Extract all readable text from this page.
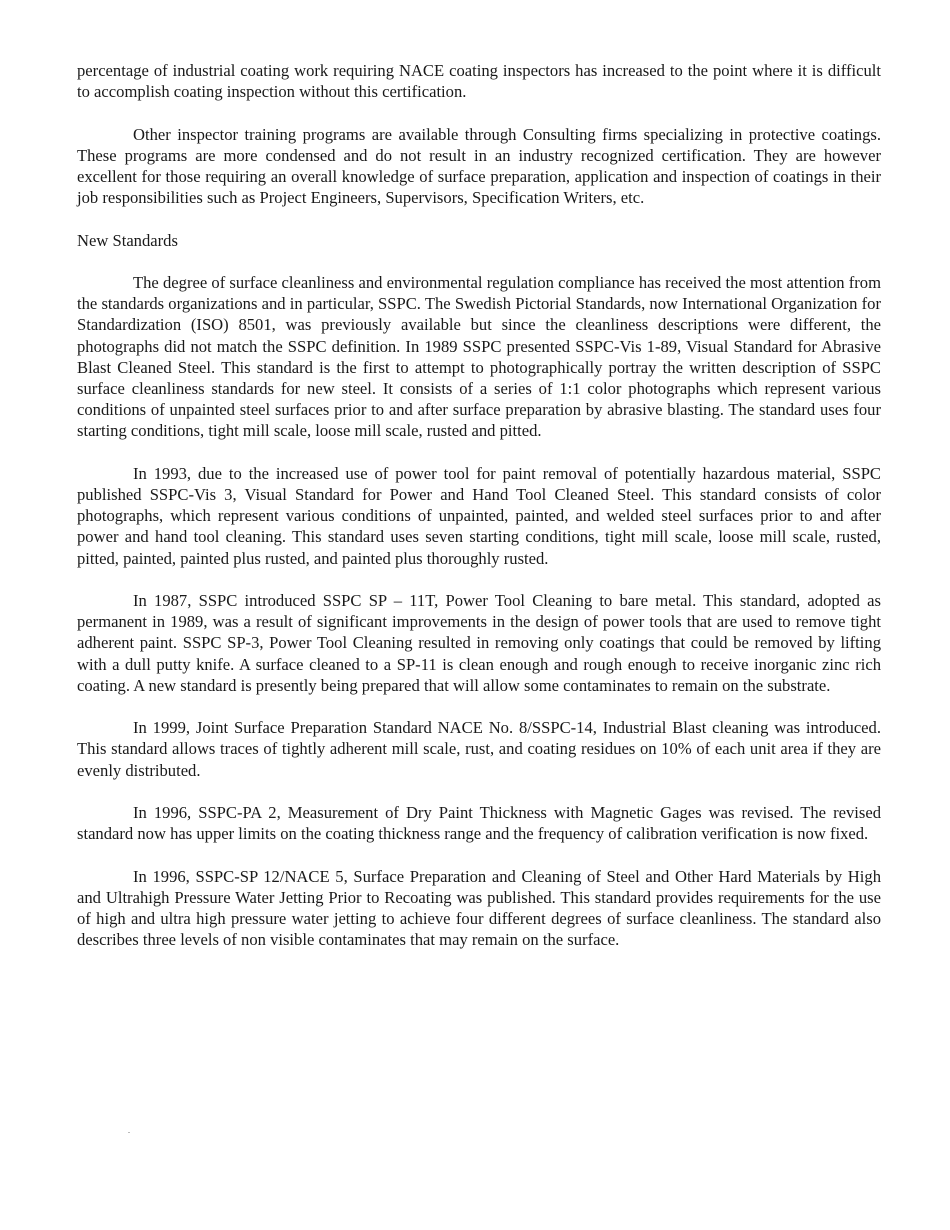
percentage of industrial coating work requiring NACE coating inspectors has increased to the point where it is difficult to accomplish coating inspection without this certification.

Other inspector training programs are available through Consulting firms specializing in protective coatings. These programs are more condensed and do not result in an industry recognized certification. They are however excellent for those requiring an overall knowledge of surface preparation, application and inspection of coatings in their job responsibilities such as Project Engineers, Supervisors, Specification Writers, etc.

New Standards

The degree of surface cleanliness and environmental regulation compliance has received the most attention from the standards organizations and in particular, SSPC. The Swedish Pictorial Standards, now International Organization for Standardization (ISO) 8501, was previously available but since the cleanliness descriptions were different, the photographs did not match the SSPC definition. In 1989 SSPC presented SSPC-Vis 1-89, Visual Standard for Abrasive Blast Cleaned Steel. This standard is the first to attempt to photographically portray the written description of SSPC surface cleanliness standards for new steel. It consists of a series of 1:1 color photographs which represent various conditions of unpainted steel surfaces prior to and after surface preparation by abrasive blasting. The standard uses four starting conditions, tight mill scale, loose mill scale, rusted and pitted.

In 1993, due to the increased use of power tool for paint removal of potentially hazardous material, SSPC published SSPC-Vis 3, Visual Standard for Power and Hand Tool Cleaned Steel. This standard consists of color photographs, which represent various conditions of unpainted, painted, and welded steel surfaces prior to and after power and hand tool cleaning. This standard uses seven starting conditions, tight mill scale, loose mill scale, rusted, pitted, painted, painted plus rusted, and painted plus thoroughly rusted.

In 1987, SSPC introduced SSPC SP – 11T, Power Tool Cleaning to bare metal. This standard, adopted as permanent in 1989, was a result of significant improvements in the design of power tools that are used to remove tight adherent paint. SSPC SP-3, Power Tool Cleaning resulted in removing only coatings that could be removed by lifting with a dull putty knife. A surface cleaned to a SP-11 is clean enough and rough enough to receive inorganic zinc rich coating. A new standard is presently being prepared that will allow some contaminates to remain on the substrate.

In 1999, Joint Surface Preparation Standard NACE No. 8/SSPC-14, Industrial Blast cleaning was introduced. This standard allows traces of tightly adherent mill scale, rust, and coating residues on 10% of each unit area if they are evenly distributed.

In 1996, SSPC-PA 2, Measurement of Dry Paint Thickness with Magnetic Gages was revised. The revised standard now has upper limits on the coating thickness range and the frequency of calibration verification is now fixed.

In 1996, SSPC-SP 12/NACE 5, Surface Preparation and Cleaning of Steel and Other Hard Materials by High and Ultrahigh Pressure Water Jetting Prior to Recoating was published. This standard provides requirements for the use of high and ultra high pressure water jetting to achieve four different degrees of surface cleanliness. The standard also describes three levels of non visible contaminates that may remain on the surface.
